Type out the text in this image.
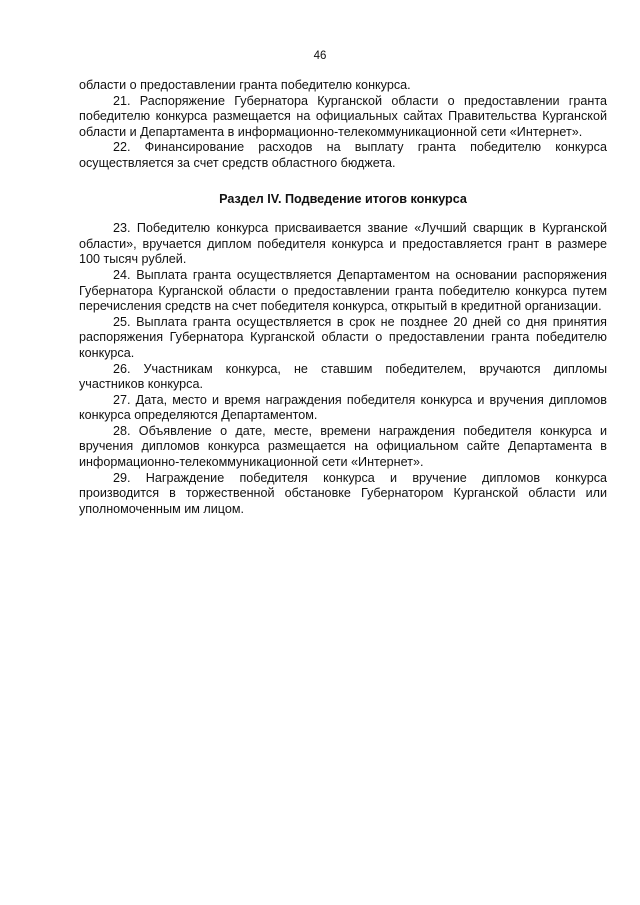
46

области о предоставлении гранта победителю конкурса.

21. Распоряжение Губернатора Курганской области о предоставлении гранта победителю конкурса размещается на официальных сайтах Правительства Курганской области и Департамента в информационно-телекоммуникационной сети «Интернет».

22. Финансирование расходов на выплату гранта победителю конкурса осуществляется за счет средств областного бюджета.

Раздел IV. Подведение итогов конкурса

23. Победителю конкурса присваивается звание «Лучший сварщик в Курганской области», вручается диплом победителя конкурса и предоставляется грант в размере 100 тысяч рублей.

24. Выплата гранта осуществляется Департаментом на основании распоряжения Губернатора Курганской области о предоставлении гранта победителю конкурса путем перечисления средств на счет победителя конкурса, открытый в кредитной организации.

25. Выплата гранта осуществляется в срок не позднее 20 дней со дня принятия распоряжения Губернатора Курганской области о предоставлении гранта победителю конкурса.

26. Участникам конкурса, не ставшим победителем, вручаются дипломы участников конкурса.

27. Дата, место и время награждения победителя конкурса и вручения дипломов конкурса определяются Департаментом.

28. Объявление о дате, месте, времени награждения победителя конкурса и вручения дипломов конкурса размещается на официальном сайте Департамента в информационно-телекоммуникационной сети «Интернет».

29. Награждение победителя конкурса и вручение дипломов конкурса производится в торжественной обстановке Губернатором Курганской области или уполномоченным им лицом.
